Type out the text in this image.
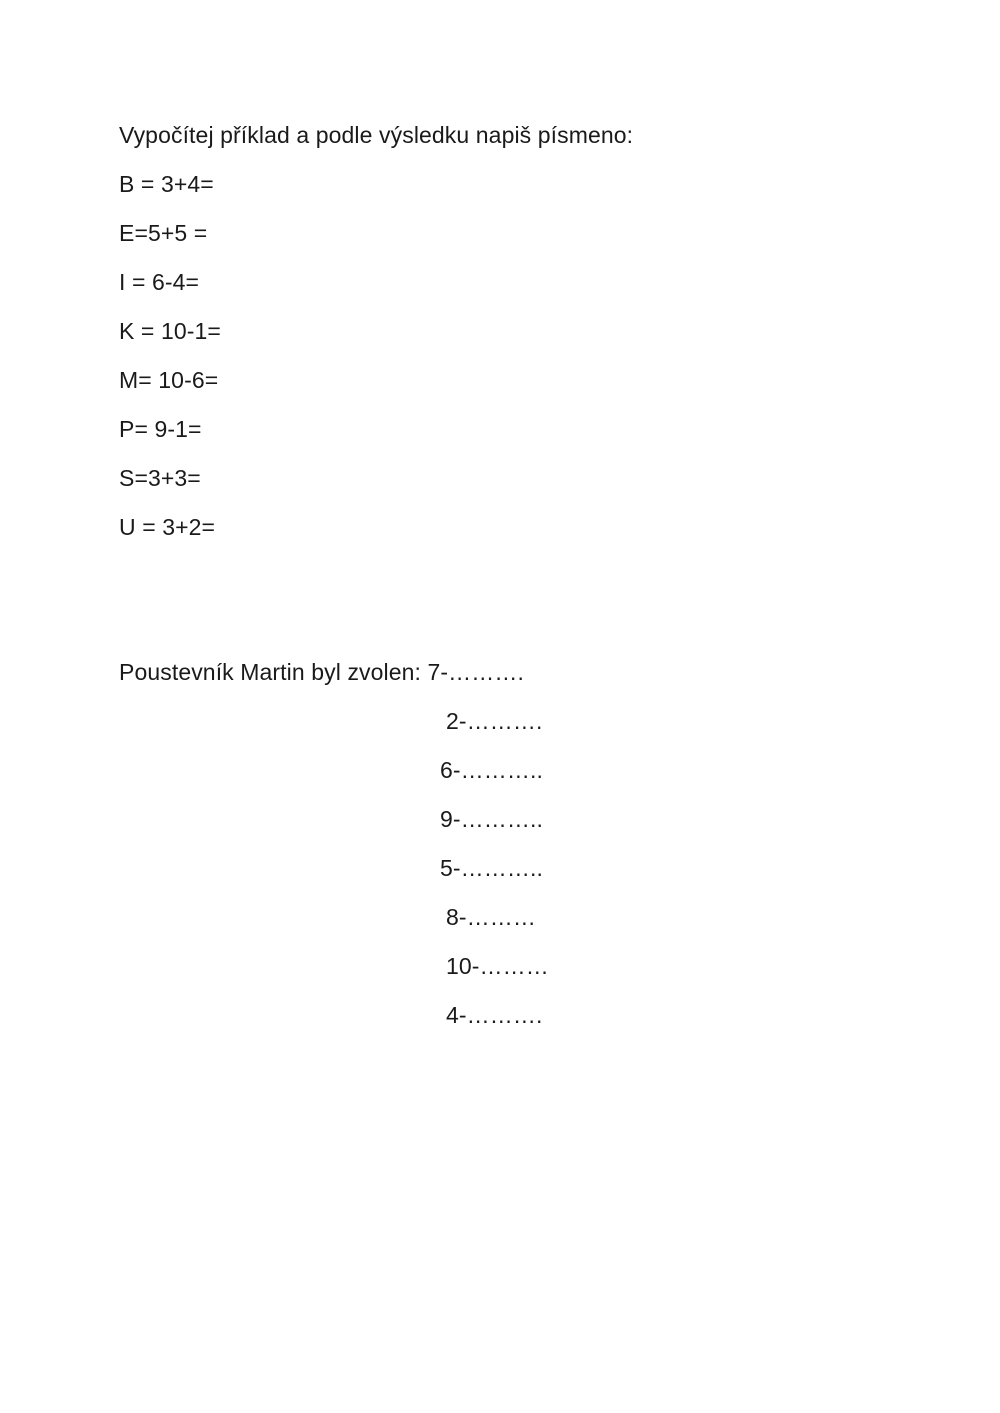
Vypočítej příklad a podle výsledku napiš písmeno:
B = 3+4=
E=5+5 =
I = 6-4=
K = 10-1=
M= 10-6=
P= 9-1=
S=3+3=
U = 3+2=
Poustevník Martin byl zvolen: 7-……….
2-……….
6-………..
9-………..
5-………..
8-………
10-………
4-……….
